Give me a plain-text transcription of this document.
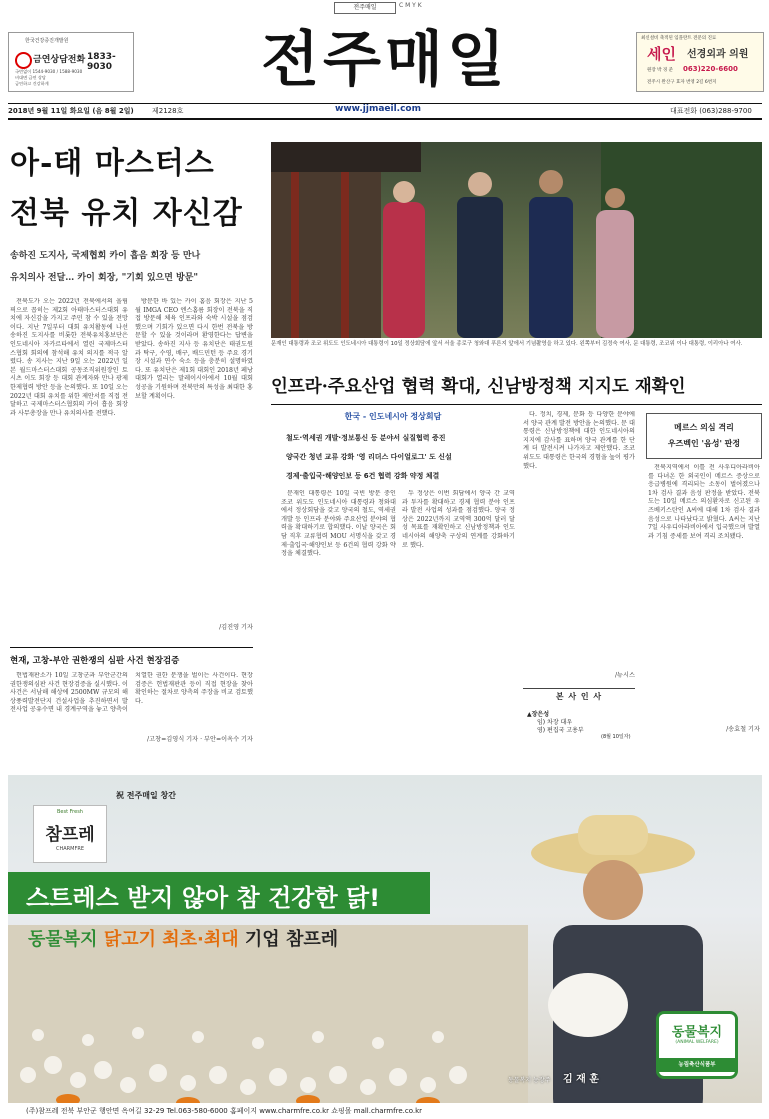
전주매일	C M Y K
한국건강증진개발원
금연상담전화 1833-9030
국번없이 1544-9030 / 1588-9030
비대면 금연 상담
금연하고 건강하게	전주매일	최신설비 축적된 임플란트 전문의 진료
세인 선경외과 의원
원장 박 경 준 063)220-6600
전주시 완산구 효자 번영 2길 6번지
2018년 9월 11일 화요일 (음 8월 2일)	제2128호	www.jjmaeil.com	대표전화 (063)288-9700
아-태 마스터스
전북 유치 자신감
송하진 도지사, 국제협회 카이 흡음 회장 등 만나
유치의사 전달… 카이 회장, "기회 있으면 방문"

전북도가 오는 2022년 전북에서의 올림픽으로 꼽히는 제2회 아태마스터스대회 유치에 자신감을 가지고 주민 참 수 있을 전망이다. 지난 7일부터 대회 유치활동에 나선 송하진 도지사를 비롯한 전북유치홍보단은 인도네시아 자카르타에서 열린 국제마스터스협회 회의에 참석해 유치 의지를 적극 알렸다. 송 지사는 지난 9일 오는 2022년 일본 월드마스터스대회 공동조직위원장인 토시츠 이도 회장 등 대회 관계자와 만나 광제한제협력 방안 등을 논의했다. 또 10일 오는 2022년 대회 유치를 위한 제안서를 직접 전달하고 국제마스터스협회의 카이 흡음 회장과 사무총장을 만나 유치의사를 전했다.

방문한 바 있는 카이 홈음 회장은 지난 5월 IMGA CEO 엔스홈름 회장이 전북을 직접 방문해 체육 인프라와 숙박 시설을 점검했으며 기회가 있으면 다시 한번 전북을 방문할 수 있을 것이라며 환영한다는 답변을 받았다. 송하진 지사 등 유치단은 태권도원과 탁구, 수영, 배구, 배드민턴 등 주요 경기장 시설과 연수 숙소 등을 충분히 설명하였다. 또 유치단은 제1회 대회인 2018년 페낭 대회가 열리는 말레이시아에서 10월 대회 성공을 기원하며 전북만의 특성을 최대한 홍보할 계획이다.

/김진영 기자
현재, 고창-부안 권한쟁의 심판 사건 현장검증

헌법재판소가 10일 고창군과 부안군간의 권한쟁의심판 사건 현장검증을 실시했다. 이 사건은 서남해 해상에 2500MW 규모의 해상풍력발전단지 건설사업을 추진하면서 발전사업 공유수면 내 경계구역을 놓고 양측이 치열한 권한 분쟁을 벌이는 사건이다. 현장검증은 헌법재판관 등이 직접 현장을 찾아 확인하는 절차로 양측의 주장을 비교 검토했다.

/고창=김영식 기자 · 부안=이옥수 기자
문재인 대통령과 조코 위도도 인도네시아 대통령이 10일 정상회담에 앞서 서울 종로구 청와대 푸른지 앞에서 기념촬영을 하고 있다. 왼쪽부터 김정숙 여사, 문 대통령, 조코위 이나 대통령, 이리아나 여사.
인프라·주요산업 협력 확대, 신남방정책 지지도 재확인
한국 - 인도네시아 정상회담
철도·역세권 개발·정보통신 등 분야서 실질협력 증진
양국간 청년 교류 강화 '영 리더스 다이얼로그' 도 신설
경제·출입국·해양인보 등 6건 협력 강화 약정 체결

문재인 대통령은 10일 국빈 방문 중인 조코 위도도 인도네시아 대통령과 청와대에서 정상회담을 갖고 양국의 철도, 역세권 개발 등 인프라 분야와 주요산업 분야의 협력을 확대하기로 합의했다. 이날 양국은 회담 직후 교류협력 MOU 서명식을 갖고 경제·출입국·해양인보 등 6건의 협력 강화 약정을 체결했다.

두 정상은 이번 회담에서 양국 간 교역과 투자를 확대하고 경제 협력 분야 인프라 발전 사업의 성과를 점검했다. 양국 정상은 2022년까지 교역액 300억 달러 달성 목표를 재확인하고 신남방정책과 인도네시아의 해양축 구상의 연계를 강화하기로 했다.

다. 정치, 경제, 문화 등 다양한 분야에서 양국 관계 발전 방안을 논의했다. 문 대통령은 신남방정책에 대한 인도네시아의 지지에 감사를 표하며 양국 관계를 한 단계 더 발전시켜 나가자고 제안했다. 조코 위도도 대통령은 한국의 경험을 높이 평가했다.

/뉴시스
본 사 인 사
▲장은성
임) 차장 대우
영) 편집국 고용부
(8월 10일자)
메르스 의심 격리
우즈벡인 '음성' 판정

전북지역에서 이틀 전 사우디아라비아를 다녀온 한 외국인이 메르스 증상으로 응급병원에 격리되는 소동이 벌어졌으나 1차 검사 결과 음성 판정을 받았다. 전북도는 10일 메르스 의심환자로 신고된 우즈베키스탄인 A씨에 대해 1차 검사 결과 음성으로 나타났다고 밝혔다. A씨는 지난 7일 사우디아라비아에서 입국했으며 발열과 기침 증세를 보여 격리 조치됐다.

/송효철 기자
祝 전주매일 창간
Best Fresh
참프레
CHARMFRE
스트레스 받지 않아 참 건강한 닭!
동물복지 닭고기 최초·최대 기업 참프레
동물복지 농장주 김 재 훈
동물복지
(ANIMAL WELFARE)
농림축산식품부
(주)참프레 전북 부안군 행안면 옥여길 32-29 Tel.063-580-6000 홈페이지 www.charmfre.co.kr 쇼핑몰 mall.charmfre.co.kr
